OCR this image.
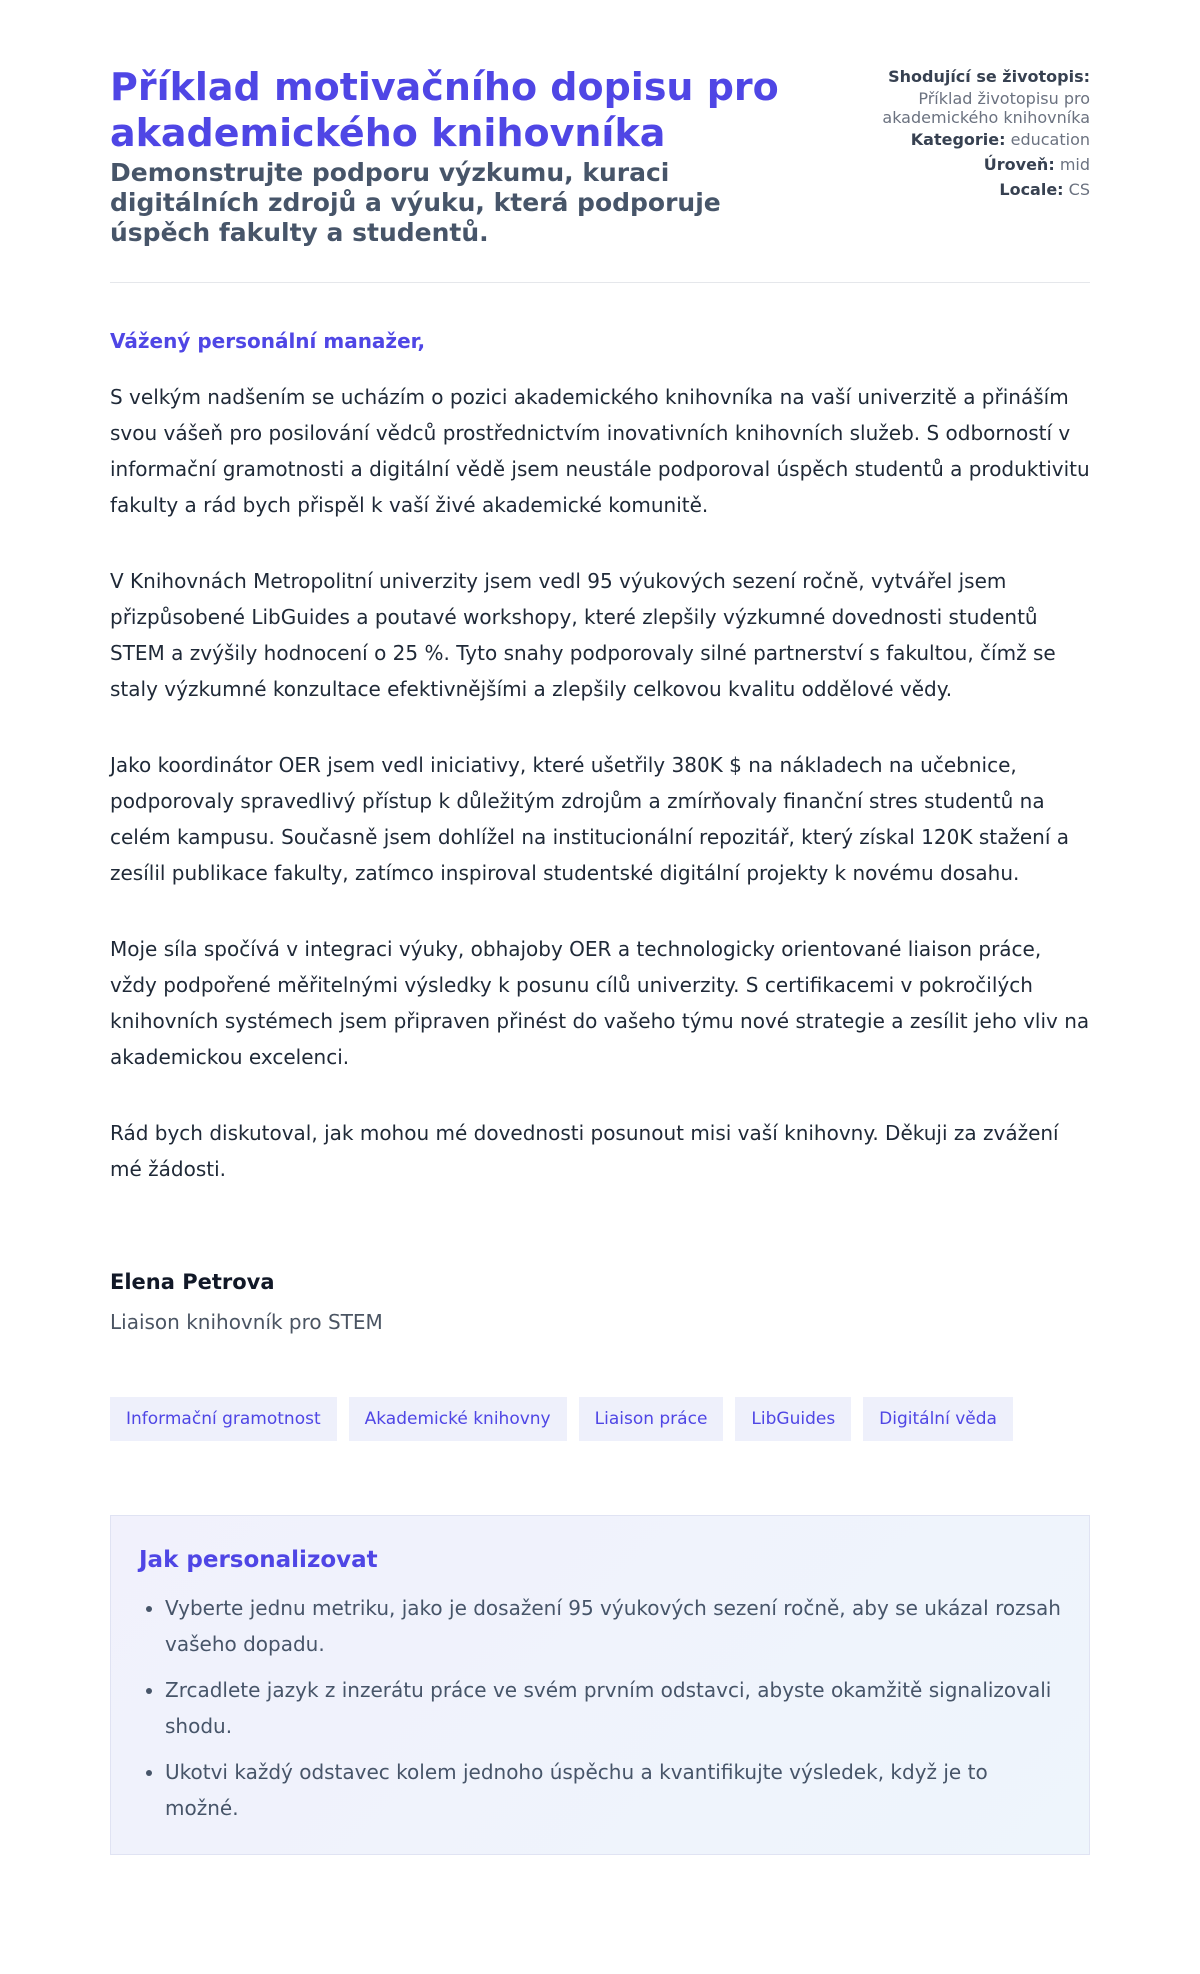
Příklad motivačního dopisu pro akademického knihovníka

Demonstrujte podporu výzkumu, kuraci digitálních zdrojů a výuku, která podporuje úspěch fakulty a studentů.

Shodující se životopis:
Příklad životopisu pro akademického knihovníka
Kategorie: education
Úroveň: mid
Locale: CS
Vážený personální manažer,

S velkým nadšením se ucházím o pozici akademického knihovníka na vaší univerzitě a přináším svou vášeň pro posilování vědců prostřednictvím inovativních knihovních služeb. S odborností v informační gramotnosti a digitální vědě jsem neustále podporoval úspěch studentů a produktivitu fakulty a rád bych přispěl k vaší živé akademické komunitě.

V Knihovnách Metropolitní univerzity jsem vedl 95 výukových sezení ročně, vytvářel jsem přizpůsobené LibGuides a poutavé workshopy, které zlepšily výzkumné dovednosti studentů STEM a zvýšily hodnocení o 25 %. Tyto snahy podporovaly silné partnerství s fakultou, čímž se staly výzkumné konzultace efektivnějšími a zlepšily celkovou kvalitu oddělové vědy.

Jako koordinátor OER jsem vedl iniciativy, které ušetřily 380K $ na nákladech na učebnice, podporovaly spravedlivý přístup k důležitým zdrojům a zmírňovaly finanční stres studentů na celém kampusu. Současně jsem dohlížel na institucionální repozitář, který získal 120K stažení a zesílil publikace fakulty, zatímco inspiroval studentské digitální projekty k novému dosahu.

Moje síla spočívá v integraci výuky, obhajoby OER a technologicky orientované liaison práce, vždy podpořené měřitelnými výsledky k posunu cílů univerzity. S certifikacemi v pokročilých knihovních systémech jsem připraven přinést do vašeho týmu nové strategie a zesílit jeho vliv na akademickou excelenci.

Rád bych diskutoval, jak mohou mé dovednosti posunout misi vaší knihovny. Děkuji za zvážení mé žádosti.

Elena Petrova
Liaison knihovník pro STEM
Informační gramotnost	Akademické knihovny	Liaison práce	LibGuides	Digitální věda
Jak personalizovat
• Vyberte jednu metriku, jako je dosažení 95 výukových sezení ročně, aby se ukázal rozsah vašeho dopadu.
• Zrcadlete jazyk z inzerátu práce ve svém prvním odstavci, abyste okamžitě signalizovali shodu.
• Ukotvi každý odstavec kolem jednoho úspěchu a kvantifikujte výsledek, když je to možné.
